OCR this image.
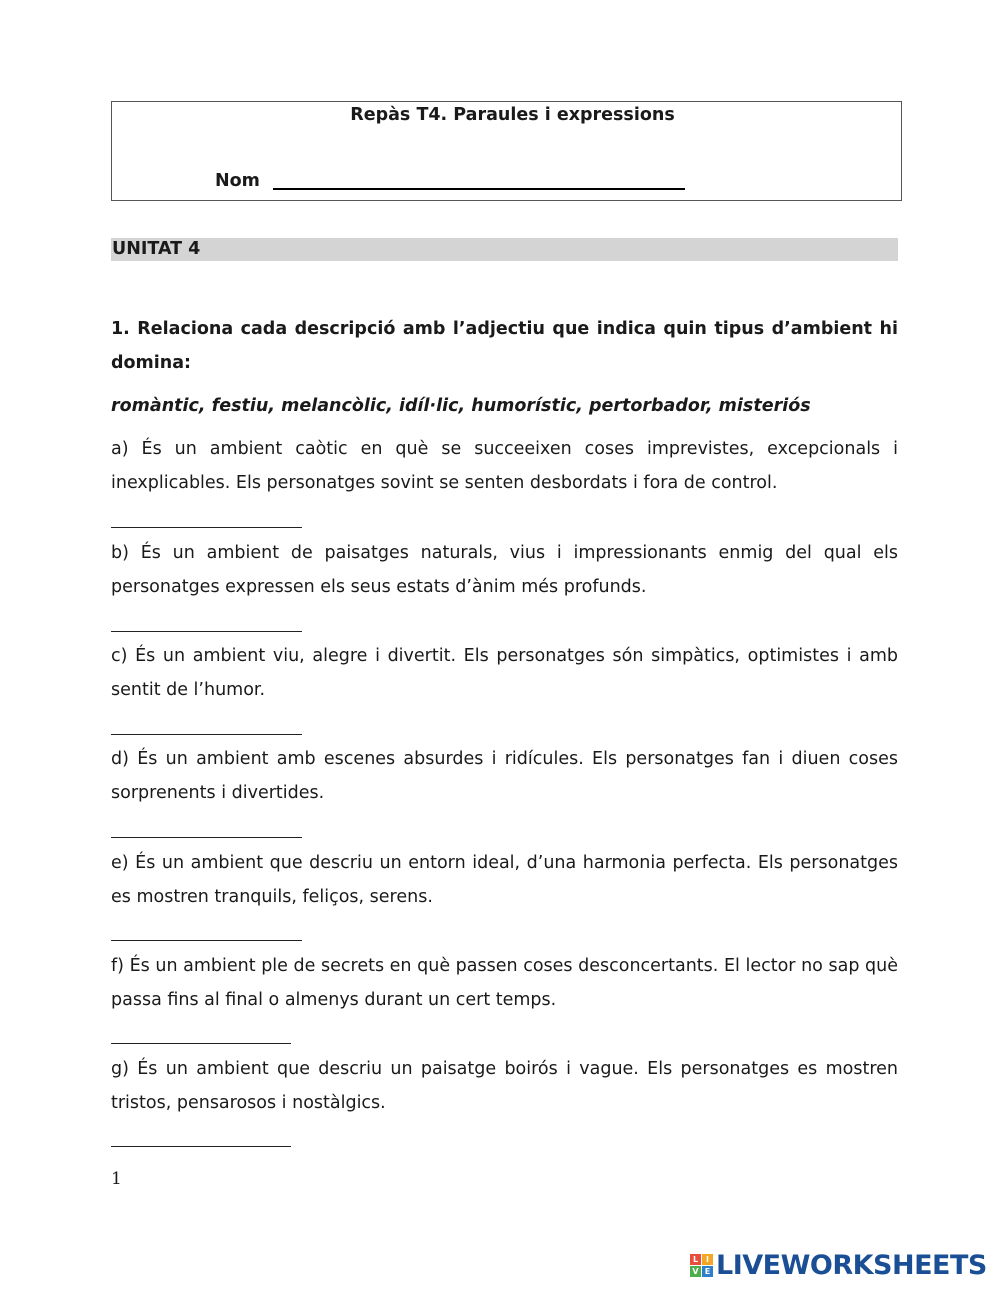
Repàs T4. Paraules i expressions
Nom
UNITAT 4
1. Relaciona cada descripció amb l’adjectiu que indica quin tipus d’ambient hi domina:
romàntic, festiu, melancòlic, idíl·lic, humorístic, pertorbador, misteriós
a) És un ambient caòtic en què se succeeixen coses imprevistes, excepcionals i inexplicables. Els personatges sovint se senten desbordats i fora de control.
b) És un ambient de paisatges naturals, vius i impressionants enmig del qual els personatges expressen els seus estats d’ànim més profunds.
c) És un ambient viu, alegre i divertit. Els personatges són simpàtics, optimistes i amb sentit de l’humor.
d) És un ambient amb escenes absurdes i ridícules. Els personatges fan i diuen coses sorprenents i divertides.
e) És un ambient que descriu un entorn ideal, d’una harmonia perfecta. Els personatges es mostren tranquils, feliços, serens.
f) És un ambient ple de secrets en què passen coses desconcertants. El lector no sap què passa fins al final o almenys durant un cert temps.
g) És un ambient que descriu un paisatge boirós i vague. Els personatges es mostren tristos, pensarosos i nostàlgics.
1
L I
V E LIVEWORKSHEETS
